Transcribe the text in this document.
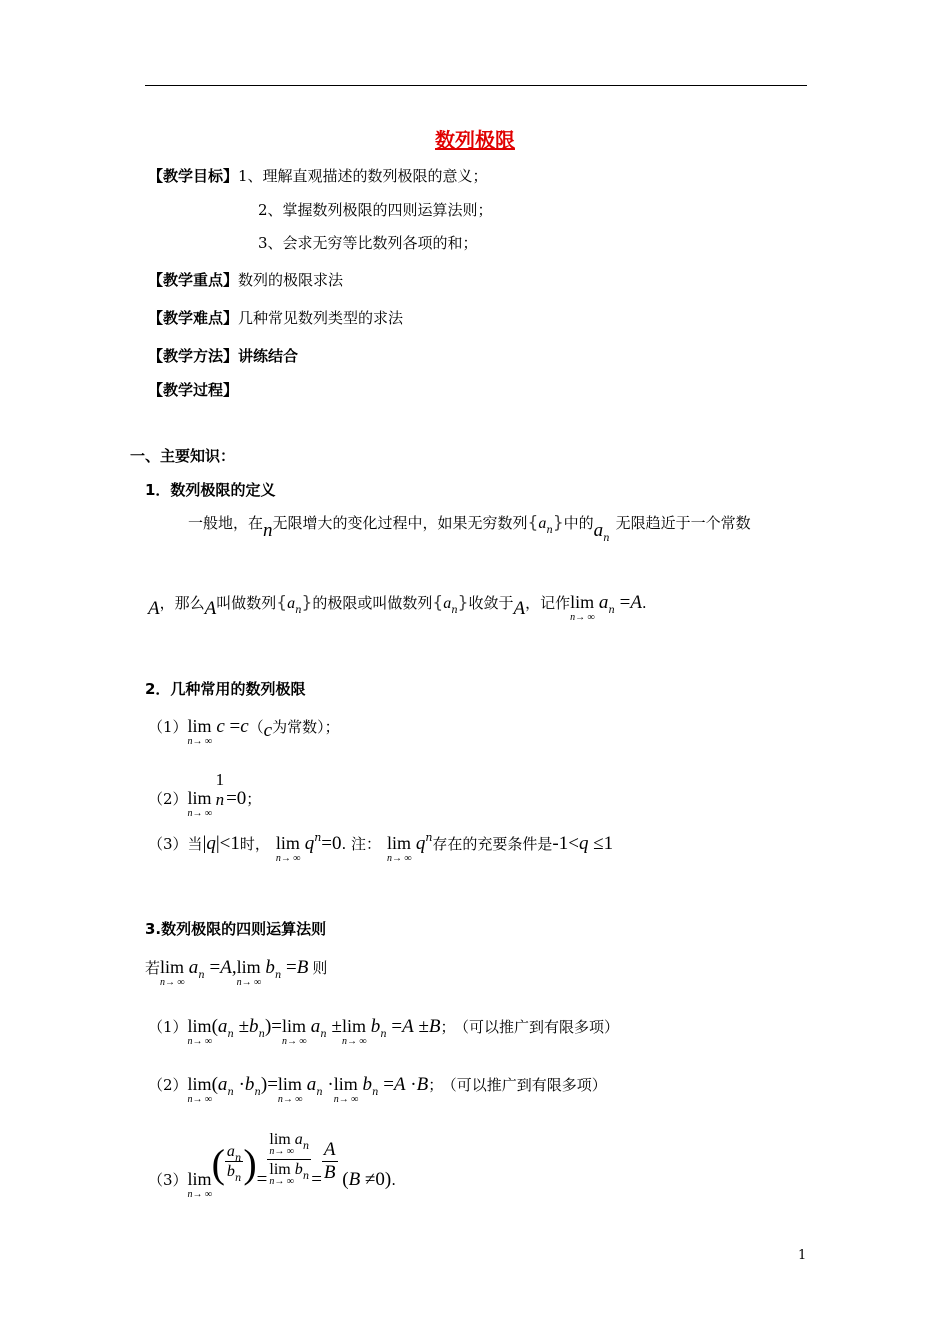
数列极限
【教学目标】1、理解直观描述的数列极限的意义；
2、掌握数列极限的四则运算法则；
3、会求无穷等比数列各项的和；
【教学重点】数列的极限求法
【教学难点】几种常见数列类型的求法
【教学方法】讲练结合
【教学过程】
一、主要知识：
1．数列极限的定义
一般地，在n无限增大的变化过程中，如果无穷数列$\{a_n\}$中的$a_n$无限趋近于一个常数
A，那么A叫做数列$\{a_n\}$的极限或叫做数列$\{a_n\}$收敛于A，记作lim
n→ ∞
$a_n =A$.
2．几种常用的数列极限
（1）lim
n→ ∞
c =c（c为常数）；
（2）lim
n→ ∞
1
n =0；
（3）当|q|<1时， lim
n→ ∞
$q^n=0$. 注： lim
n→ ∞
$q^n$存在的充要条件是-1<q ≤1
3.数列极限的四则运算法则
若lim
n→ ∞
$a_n =A,\lim$
n→ ∞
$b_n =B$ 则
（1）lim
n→ ∞
$(a_n \pm b_n)=\lim$
n→ ∞
$a_n \pm\lim$
n→ ∞
$b_n =A \pm B$； （可以推广到有限多项）
（2）lim
n→ ∞
$(a_n \cdot b_n)=\lim$
n→ ∞
$a_n \cdot\lim$
n→ ∞
$b_n =A \cdot B$； （可以推广到有限多项）
（3）lim
n→ ∞
( $\frac{a_n}{b_n}$ )= lim
n→ ∞
$a_n$
lim
n→ ∞
$b_n = \frac{A}{B} (B \ne 0)$.
1
